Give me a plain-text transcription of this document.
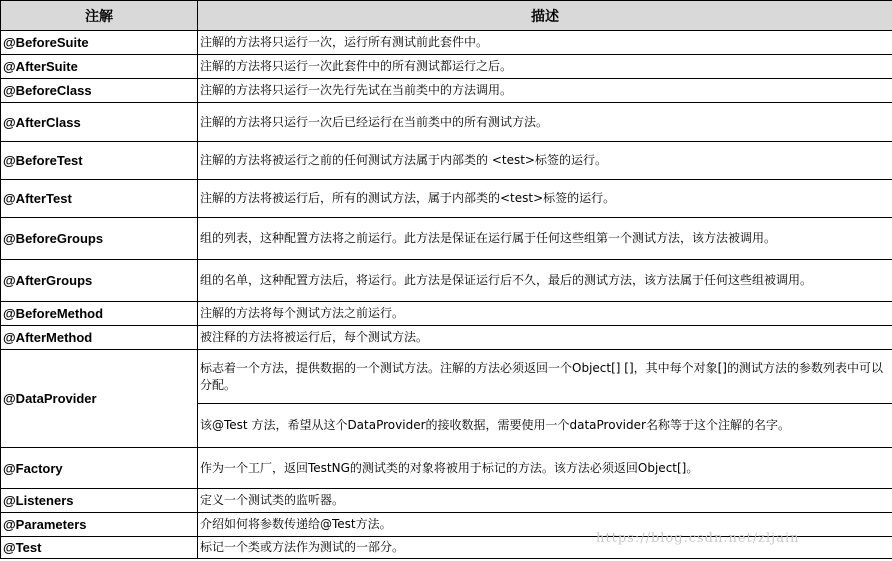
注解	描述
@BeforeSuite	注解的方法将只运行一次，运行所有测试前此套件中。
@AfterSuite	注解的方法将只运行一次此套件中的所有测试都运行之后。
@BeforeClass	注解的方法将只运行一次先行先试在当前类中的方法调用。
@AfterClass	注解的方法将只运行一次后已经运行在当前类中的所有测试方法。
@BeforeTest	注解的方法将被运行之前的任何测试方法属于内部类的 <test>标签的运行。
@AfterTest	注解的方法将被运行后，所有的测试方法，属于内部类的<test>标签的运行。
@BeforeGroups	组的列表，这种配置方法将之前运行。此方法是保证在运行属于任何这些组第一个测试方法，该方法被调用。
@AfterGroups	组的名单，这种配置方法后，将运行。此方法是保证运行后不久，最后的测试方法，该方法属于任何这些组被调用。
@BeforeMethod	注解的方法将每个测试方法之前运行。
@AfterMethod	被注释的方法将被运行后，每个测试方法。
@DataProvider	标志着一个方法，提供数据的一个测试方法。注解的方法必须返回一个Object[] []，其中每个对象[]的测试方法的参数列表中可以分配。

	该@Test 方法，希望从这个DataProvider的接收数据，需要使用一个dataProvider名称等于这个注解的名字。

@Factory	作为一个工厂，返回TestNG的测试类的对象将被用于标记的方法。该方法必须返回Object[]。
@Listeners	定义一个测试类的监听器。
@Parameters	介绍如何将参数传递给@Test方法。
@Test	标记一个类或方法作为测试的一部分。
https://blog.csdn.net/zljain
